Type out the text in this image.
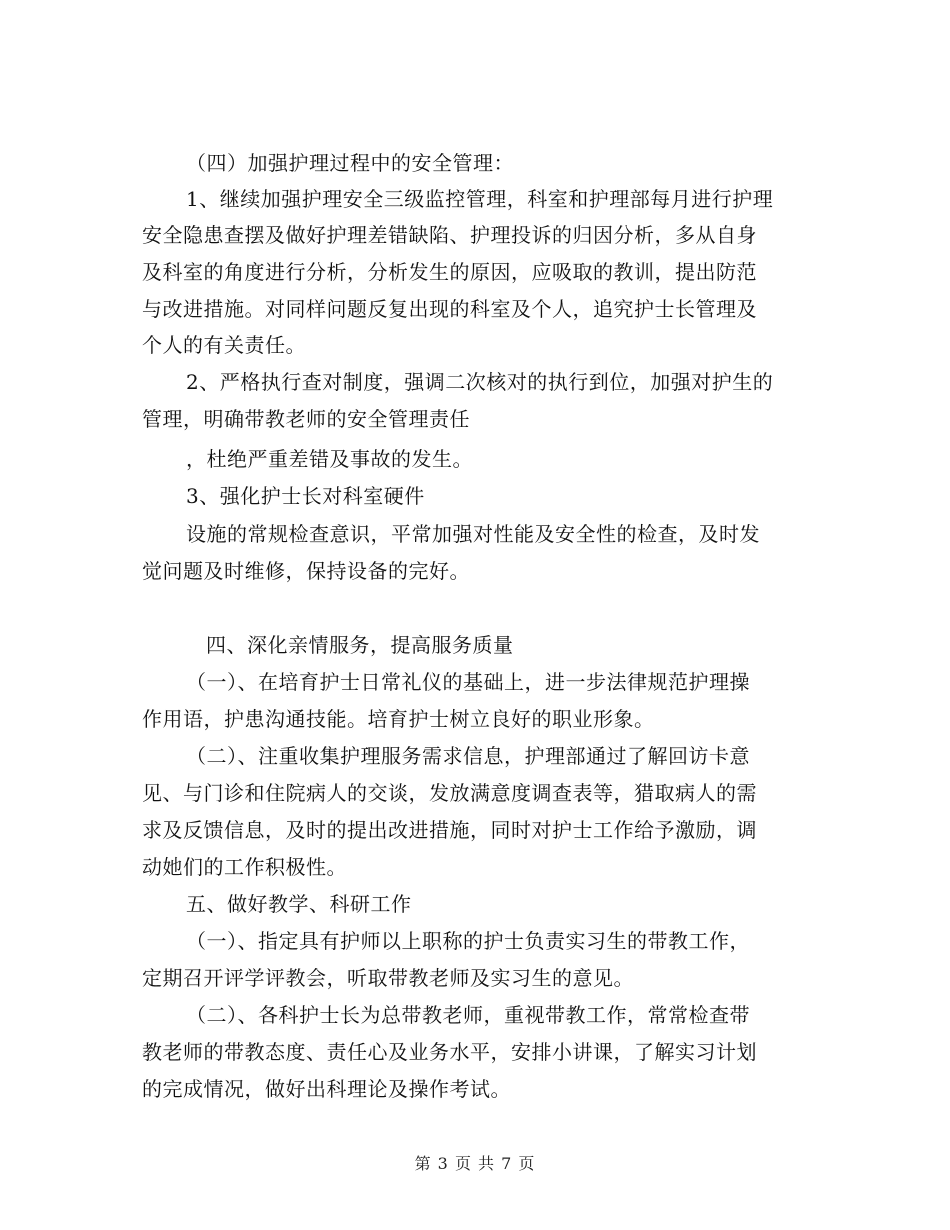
（四）加强护理过程中的安全管理：
1、继续加强护理安全三级监控管理，科室和护理部每月进行护理
安全隐患查摆及做好护理差错缺陷、护理投诉的归因分析，多从自身
及科室的角度进行分析，分析发生的原因，应吸取的教训，提出防范
与改进措施。对同样问题反复出现的科室及个人，追究护士长管理及
个人的有关责任。
2、严格执行查对制度，强调二次核对的执行到位，加强对护生的
管理，明确带教老师的安全管理责任
，杜绝严重差错及事故的发生。
3、强化护士长对科室硬件
设施的常规检查意识，平常加强对性能及安全性的检查，及时发
觉问题及时维修，保持设备的完好。
四、深化亲情服务，提高服务质量
（一）、在培育护士日常礼仪的基础上，进一步法律规范护理操
作用语，护患沟通技能。培育护士树立良好的职业形象。
（二）、注重收集护理服务需求信息，护理部通过了解回访卡意
见、与门诊和住院病人的交谈，发放满意度调查表等，猎取病人的需
求及反馈信息，及时的提出改进措施，同时对护士工作给予激励，调
动她们的工作积极性。
五、做好教学、科研工作
（一）、指定具有护师以上职称的护士负责实习生的带教工作，
定期召开评学评教会，听取带教老师及实习生的意见。
（二）、各科护士长为总带教老师，重视带教工作，常常检查带
教老师的带教态度、责任心及业务水平，安排小讲课，了解实习计划
的完成情况，做好出科理论及操作考试。
第 3 页 共 7 页
